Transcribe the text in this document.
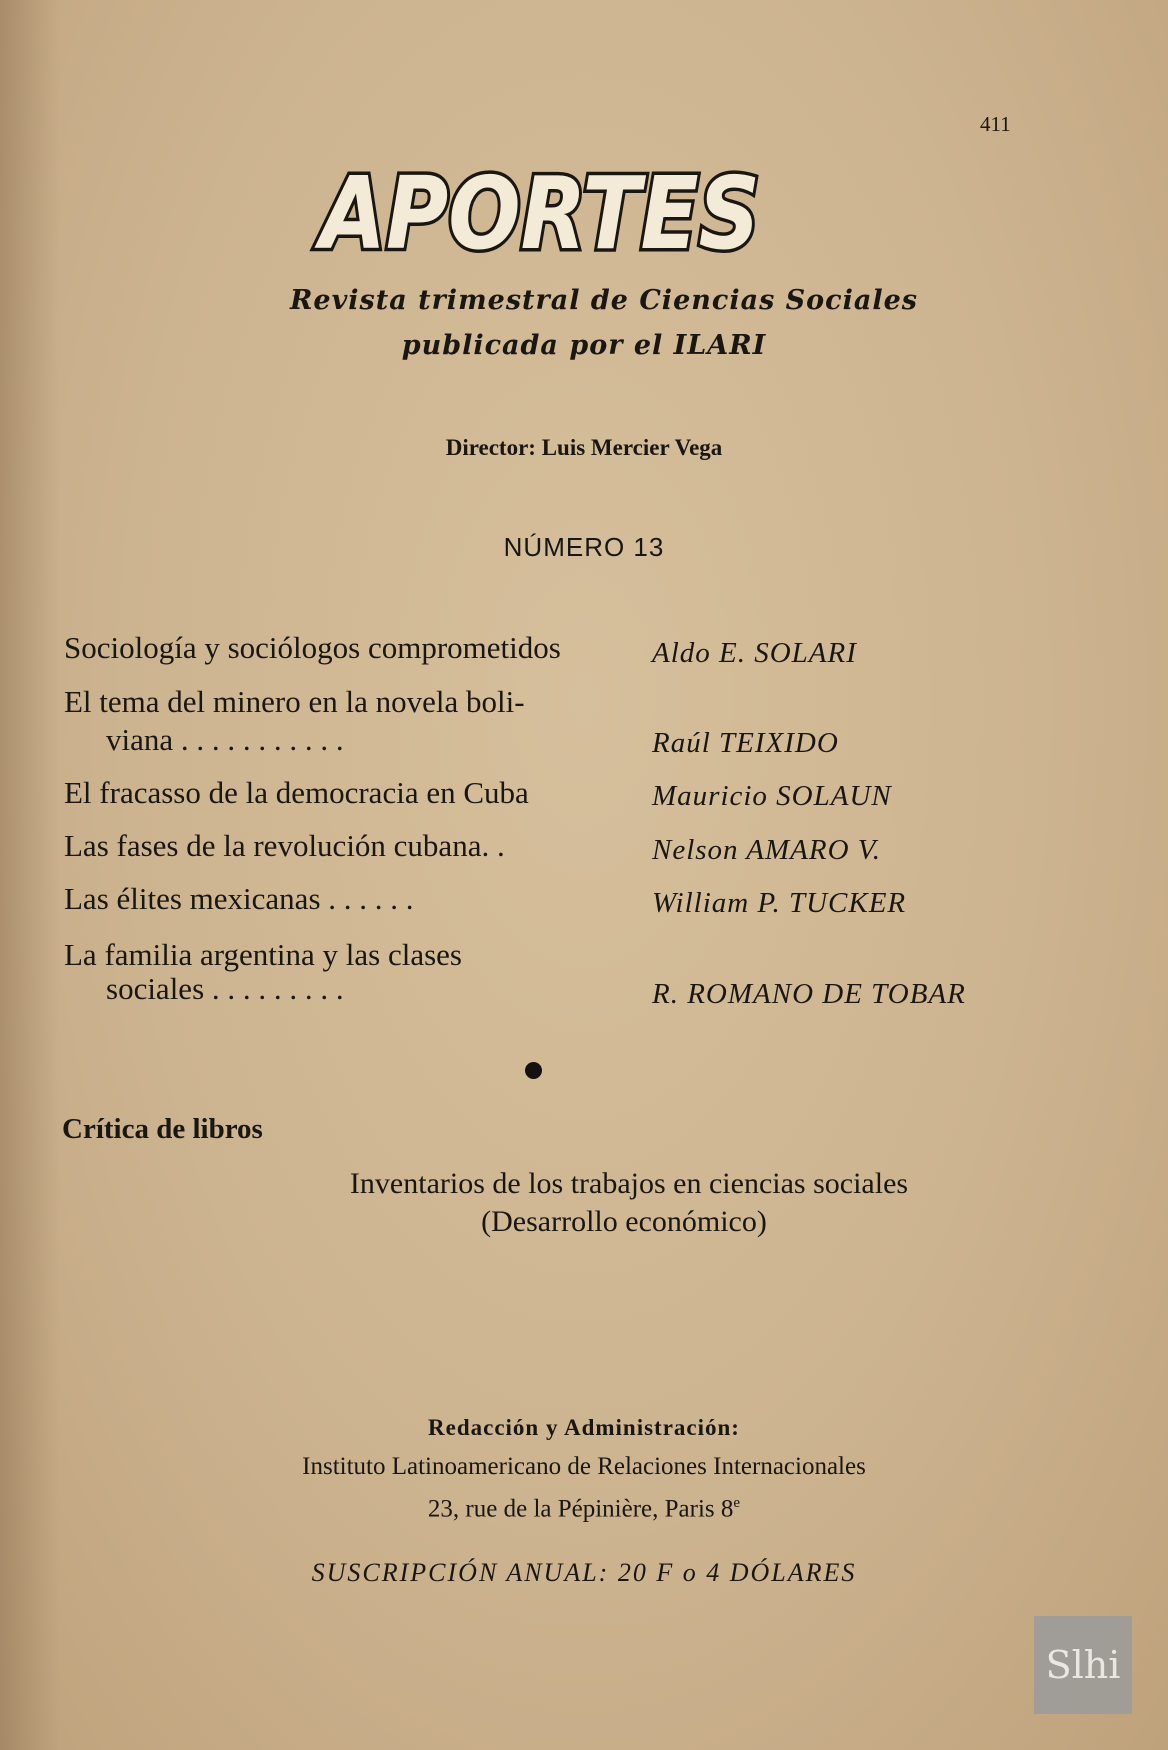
411
APORTES
Revista trimestral de Ciencias Sociales
publicada por el ILARI
Director: Luis Mercier Vega
NÚMERO 13
Sociología y sociólogos comprometidos	Aldo E. SOLARI
El tema del minero en la novela boli-
viana . . . . . . . . . . .	Raúl TEIXIDO
El fracasso de la democracia en Cuba	Mauricio SOLAUN
Las fases de la revolución cubana. .	Nelson AMARO V.
Las élites mexicanas . . . . . .	William P. TUCKER
La familia argentina y las clases
sociales . . . . . . . . .	R. ROMANO DE TOBAR
Crítica de libros
Inventarios de los trabajos en ciencias sociales
(Desarrollo económico)
Redacción y Administración:
Instituto Latinoamericano de Relaciones Internacionales
23, rue de la Pépinière, Paris 8e
SUSCRIPCIÓN ANUAL: 20 F o 4 DÓLARES
Slhi
